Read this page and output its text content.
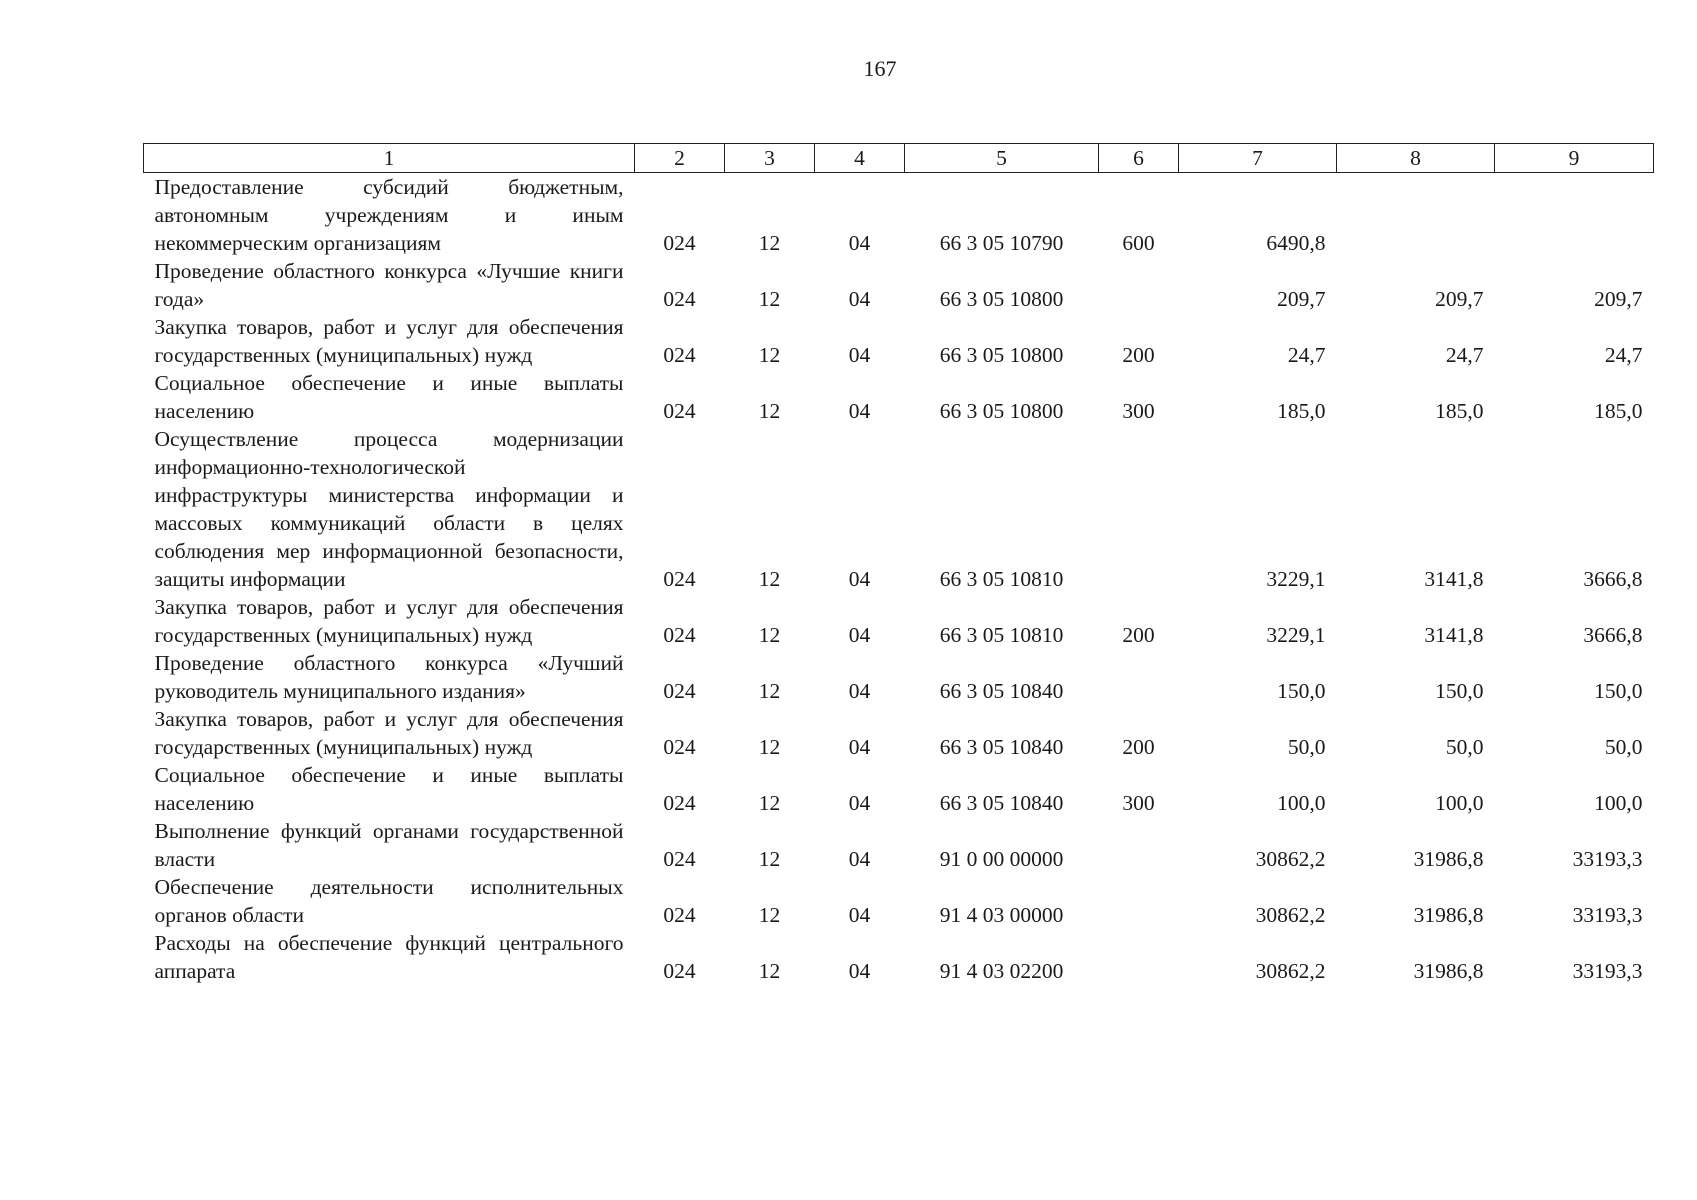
167
1	2	3	4	5	6	7	8	9
Предоставление субсидий бюджетным, автономным учреждениям и иным некоммерческим организациям	024	12	04	66 3 05 10790	600	6490,8		
Проведение областного конкурса «Лучшие книги года»	024	12	04	66 3 05 10800		209,7	209,7	209,7
Закупка товаров, работ и услуг для обеспечения государственных (муниципальных) нужд	024	12	04	66 3 05 10800	200	24,7	24,7	24,7
Социальное обеспечение и иные выплаты населению	024	12	04	66 3 05 10800	300	185,0	185,0	185,0
Осуществление процесса модернизации информационно-технологической инфраструктуры министерства информации и массовых коммуникаций области в целях соблюдения мер информационной безопасности, защиты информации	024	12	04	66 3 05 10810		3229,1	3141,8	3666,8
Закупка товаров, работ и услуг для обеспечения государственных (муниципальных) нужд	024	12	04	66 3 05 10810	200	3229,1	3141,8	3666,8
Проведение областного конкурса «Лучший руководитель муниципального издания»	024	12	04	66 3 05 10840		150,0	150,0	150,0
Закупка товаров, работ и услуг для обеспечения государственных (муниципальных) нужд	024	12	04	66 3 05 10840	200	50,0	50,0	50,0
Социальное обеспечение и иные выплаты населению	024	12	04	66 3 05 10840	300	100,0	100,0	100,0
Выполнение функций органами государственной власти	024	12	04	91 0 00 00000		30862,2	31986,8	33193,3
Обеспечение деятельности исполнительных органов области	024	12	04	91 4 03 00000		30862,2	31986,8	33193,3
Расходы на обеспечение функций центрального аппарата	024	12	04	91 4 03 02200		30862,2	31986,8	33193,3
